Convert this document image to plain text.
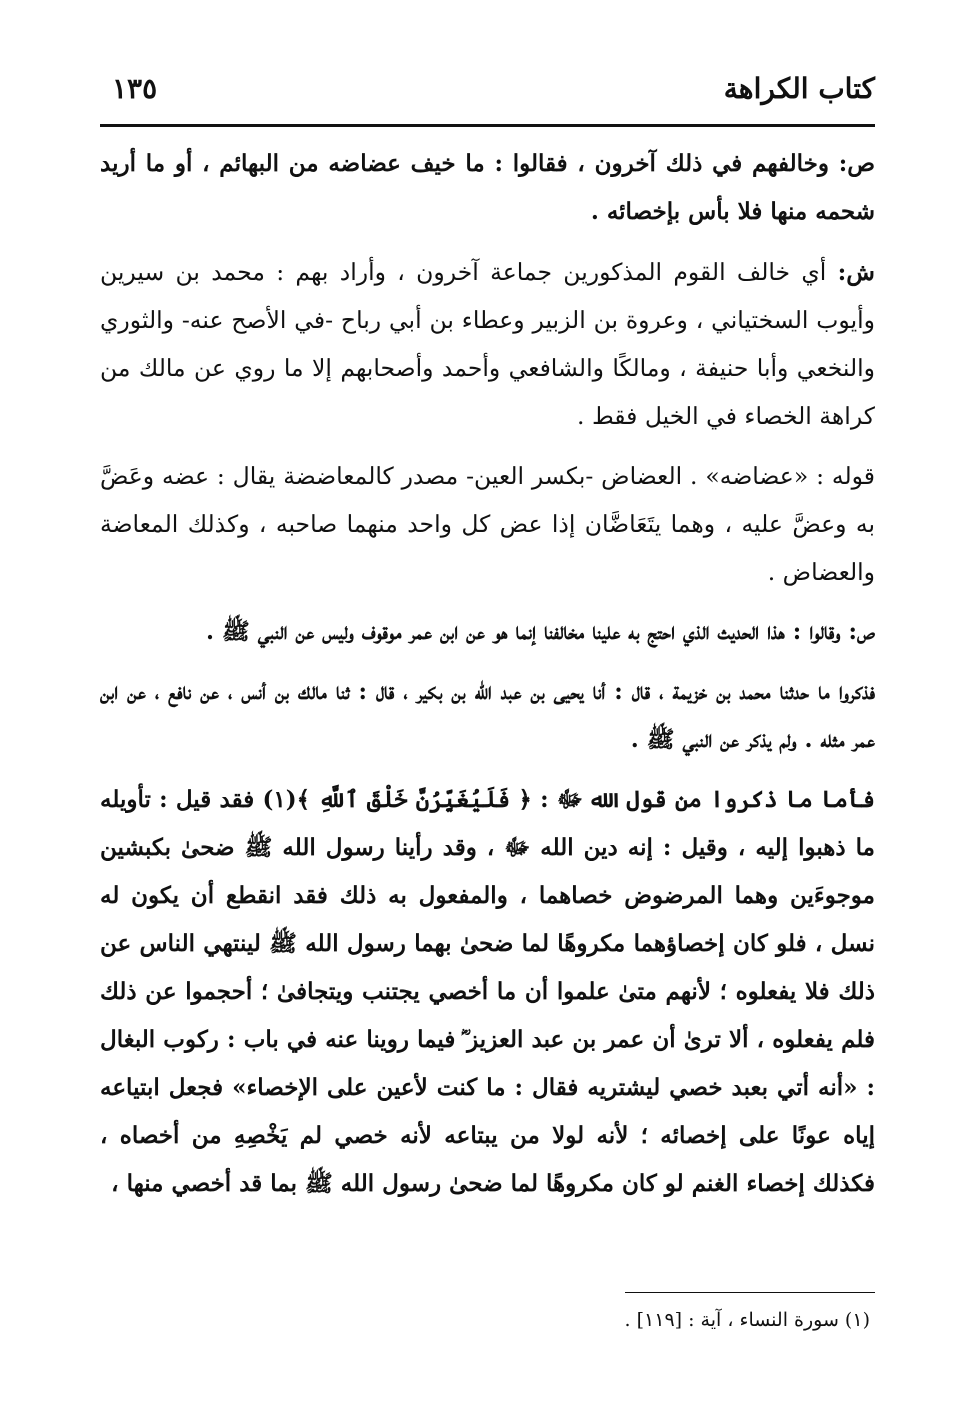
كتاب الكراهة
١٣٥

ص: وخالفهم في ذلك آخرون ، فقالوا : ما خيف عضاضه من البهائم ، أو ما أريد شحمه منها فلا بأس بإخصائه .

ش: أي خالف القوم المذكورين جماعة آخرون ، وأراد بهم : محمد بن سيرين وأيوب السختياني ، وعروة بن الزبير وعطاء بن أبي رباح -في الأصح عنه- والثوري والنخعي وأبا حنيفة ، ومالكًا والشافعي وأحمد وأصحابهم إلا ما روي عن مالك من كراهة الخصاء في الخيل فقط .

قوله : «عضاضه» . العضاض -بكسر العين- مصدر كالمعاضضة يقال : عضه وعَضَّ به وعضَّ عليه ، وهما يتَعَاضَّان إذا عض كل واحد منهما صاحبه ، وكذلك المعاضة والعضاض .

ص: وقالوا : هذا الحديث الذي احتج به علينا مخالفنا إنما هو عن ابن عمر موقوف وليس عن النبي ﷺ .

فذكروا ما حدثنا محمد بن خزيمة ، قال : أنا يحيى بن عبد الله بن بكير ، قال : ثنا مالك بن أنس ، عن نافع ، عن ابن عمر مثله . ولم يذكر عن النبي ﷺ .

فأما ما ذكروا من قول الله ﷻ : ﴿ فَلَيُغَيِّرُنَّ خَلْقَ ٱللَّهِ ﴾(١) فقد قيل : تأويله ما ذهبوا إليه ، وقيل : إنه دين الله ﷻ ، وقد رأينا رسول الله ﷺ ضحىٰ بكبشين موجوءَين وهما المرضوض خصاهما ، والمفعول به ذلك فقد انقطع أن يكون له نسل ، فلو كان إخصاؤهما مكروهًا لما ضحىٰ بهما رسول الله ﷺ لينتهي الناس عن ذلك فلا يفعلوه ؛ لأنهم متىٰ علموا أن ما أخصي يجتنب ويتجافىٰ ؛ أحجموا عن ذلك فلم يفعلوه ، ألا ترىٰ أن عمر بن عبد العزيز ؓ فيما روينا عنه في باب : ركوب البغال : «أنه أتي بعبد خصي ليشتريه فقال : ما كنت لأعين على الإخصاء» فجعل ابتياعه إياه عونًا على إخصائه ؛ لأنه لولا من يبتاعه لأنه خصي لم يَخْصِهِ من أخصاه ، فكذلك إخصاء الغنم لو كان مكروهًا لما ضحىٰ رسول الله ﷺ بما قد أخصي منها ،

(١) سورة النساء ، آية : [١١٩] .
